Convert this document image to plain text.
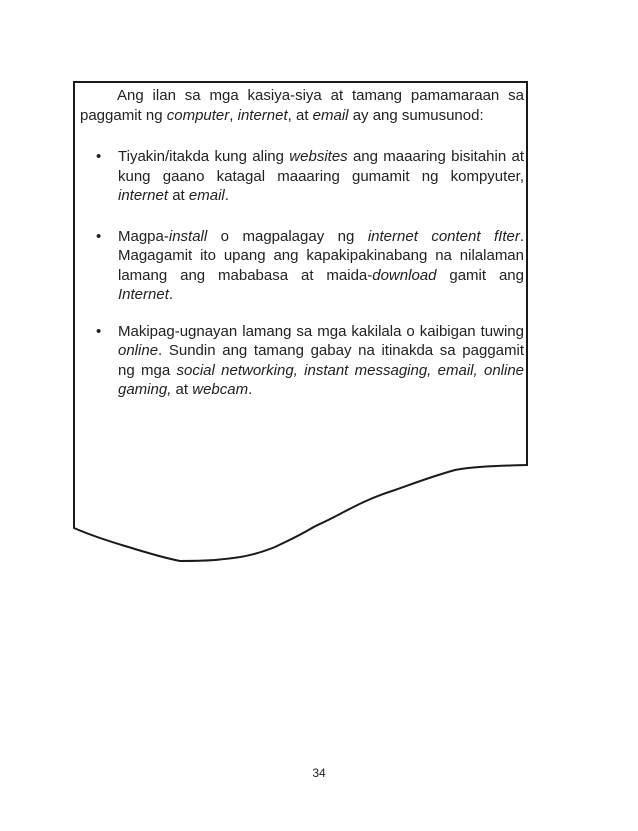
Ang ilan sa mga kasiya-siya at tamang pamamaraan sa paggamit ng computer, internet, at email ay ang sumusunod:

• Tiyakin/itakda kung aling websites ang maaaring bisitahin at kung gaano katagal maaaring gumamit ng kompyuter, internet at email.
• Magpa-install o magpalagay ng internet content fIter. Magagamit ito upang ang kapakipakinabang na nilalaman lamang ang mababasa at maida-download gamit ang Internet.
• Makipag-ugnayan lamang sa mga kakilala o kaibigan tuwing online. Sundin ang tamang gabay na itinakda sa paggamit ng mga social networking, instant messaging, email, online gaming, at webcam.
34
